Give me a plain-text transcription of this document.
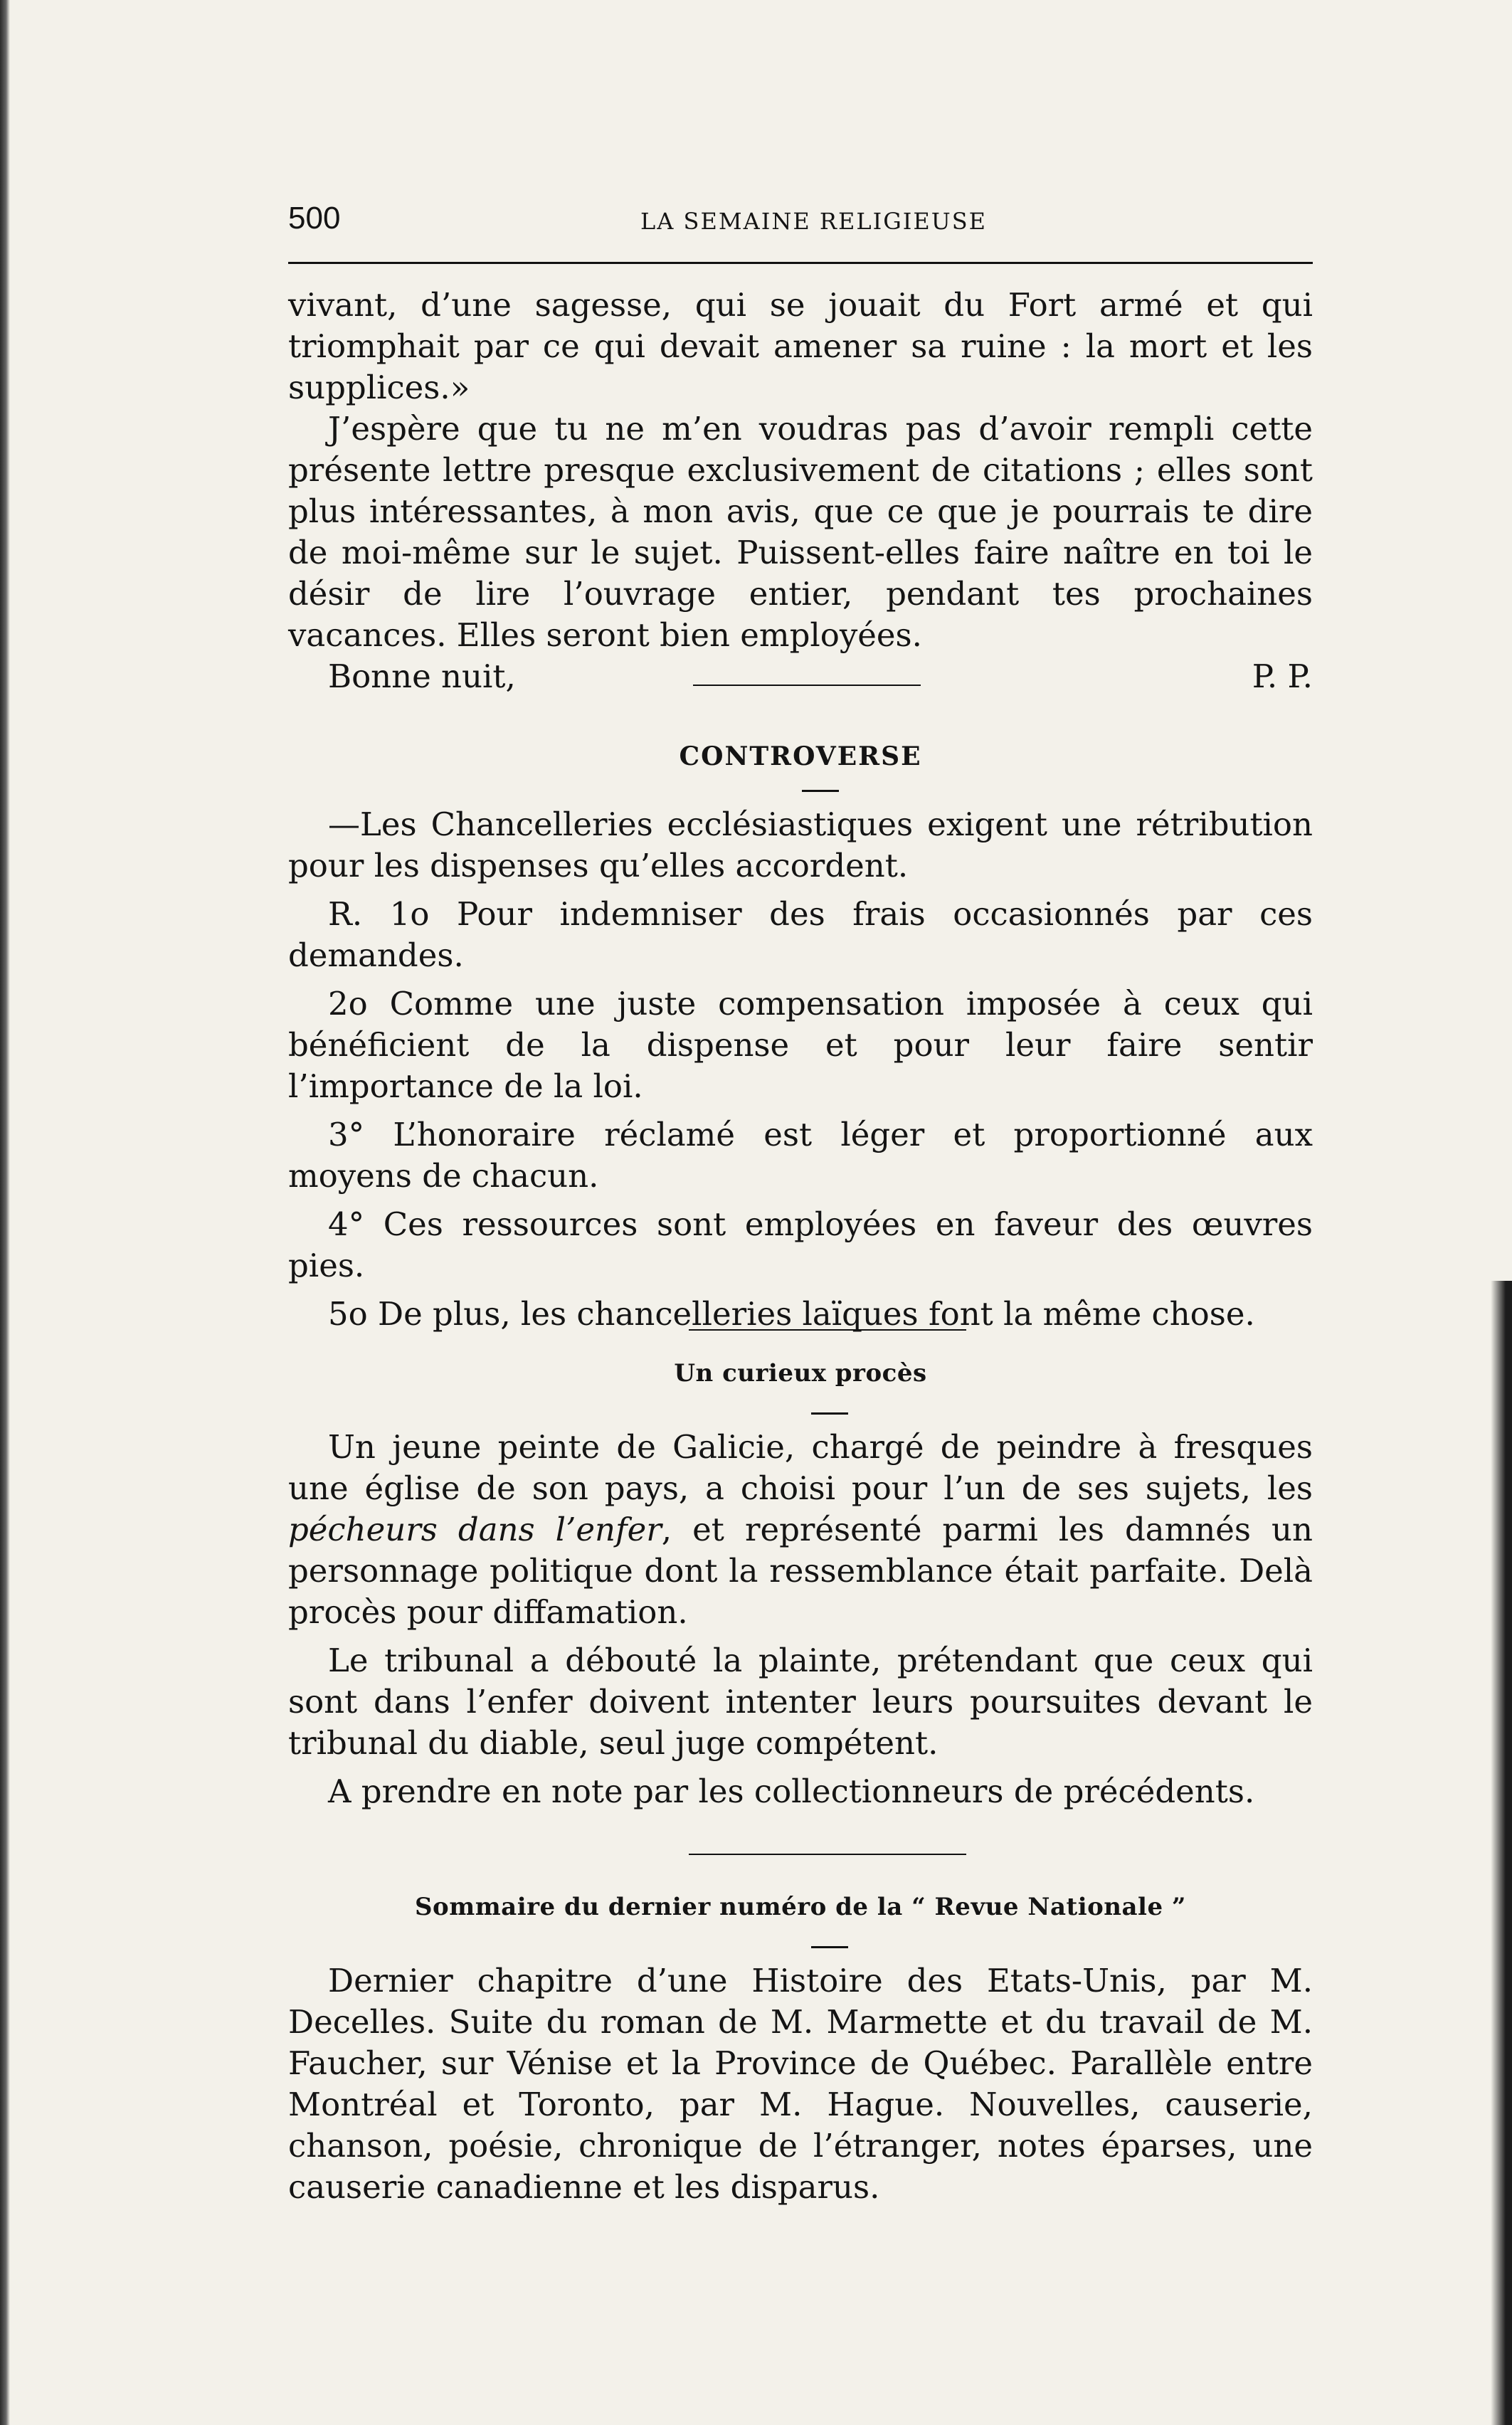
500	LA SEMAINE RELIGIEUSE

vivant, d’une sagesse, qui se jouait du Fort armé et qui triomphait par ce qui devait amener sa ruine : la mort et les supplices.»

J’espère que tu ne m’en voudras pas d’avoir rempli cette présente lettre presque exclusivement de citations ; elles sont plus intéressantes, à mon avis, que ce que je pourrais te dire de moi-même sur le sujet. Puissent-elles faire naître en toi le désir de lire l’ouvrage entier, pendant tes prochaines vacances. Elles seront bien employées.

Bonne nuit,	P. P.
CONTROVERSE

—Les Chancelleries ecclésiastiques exigent une rétribution pour les dispenses qu’elles accordent.

R. 1o Pour indemniser des frais occasionnés par ces demandes.

2o Comme une juste compensation imposée à ceux qui bénéficient de la dispense et pour leur faire sentir l’importance de la loi.

3° L’honoraire réclamé est léger et proportionné aux moyens de chacun.

4° Ces ressources sont employées en faveur des œuvres pies.

5o De plus, les chancelleries laïques font la même chose.

Un curieux procès

Un jeune peinte de Galicie, chargé de peindre à fresques une église de son pays, a choisi pour l’un de ses sujets, les pécheurs dans l’enfer, et représenté parmi les damnés un personnage politique dont la ressemblance était parfaite. Delà procès pour diffamation.

Le tribunal a débouté la plainte, prétendant que ceux qui sont dans l’enfer doivent intenter leurs poursuites devant le tribunal du diable, seul juge compétent.

A prendre en note par les collectionneurs de précédents.

Sommaire du dernier numéro de la “ Revue Nationale ”

Dernier chapitre d’une Histoire des Etats-Unis, par M. Decelles. Suite du roman de M. Marmette et du travail de M. Faucher, sur Vénise et la Province de Québec. Parallèle entre Montréal et Toronto, par M. Hague. Nouvelles, causerie, chanson, poésie, chronique de l’étranger, notes éparses, une causerie canadienne et les disparus.
